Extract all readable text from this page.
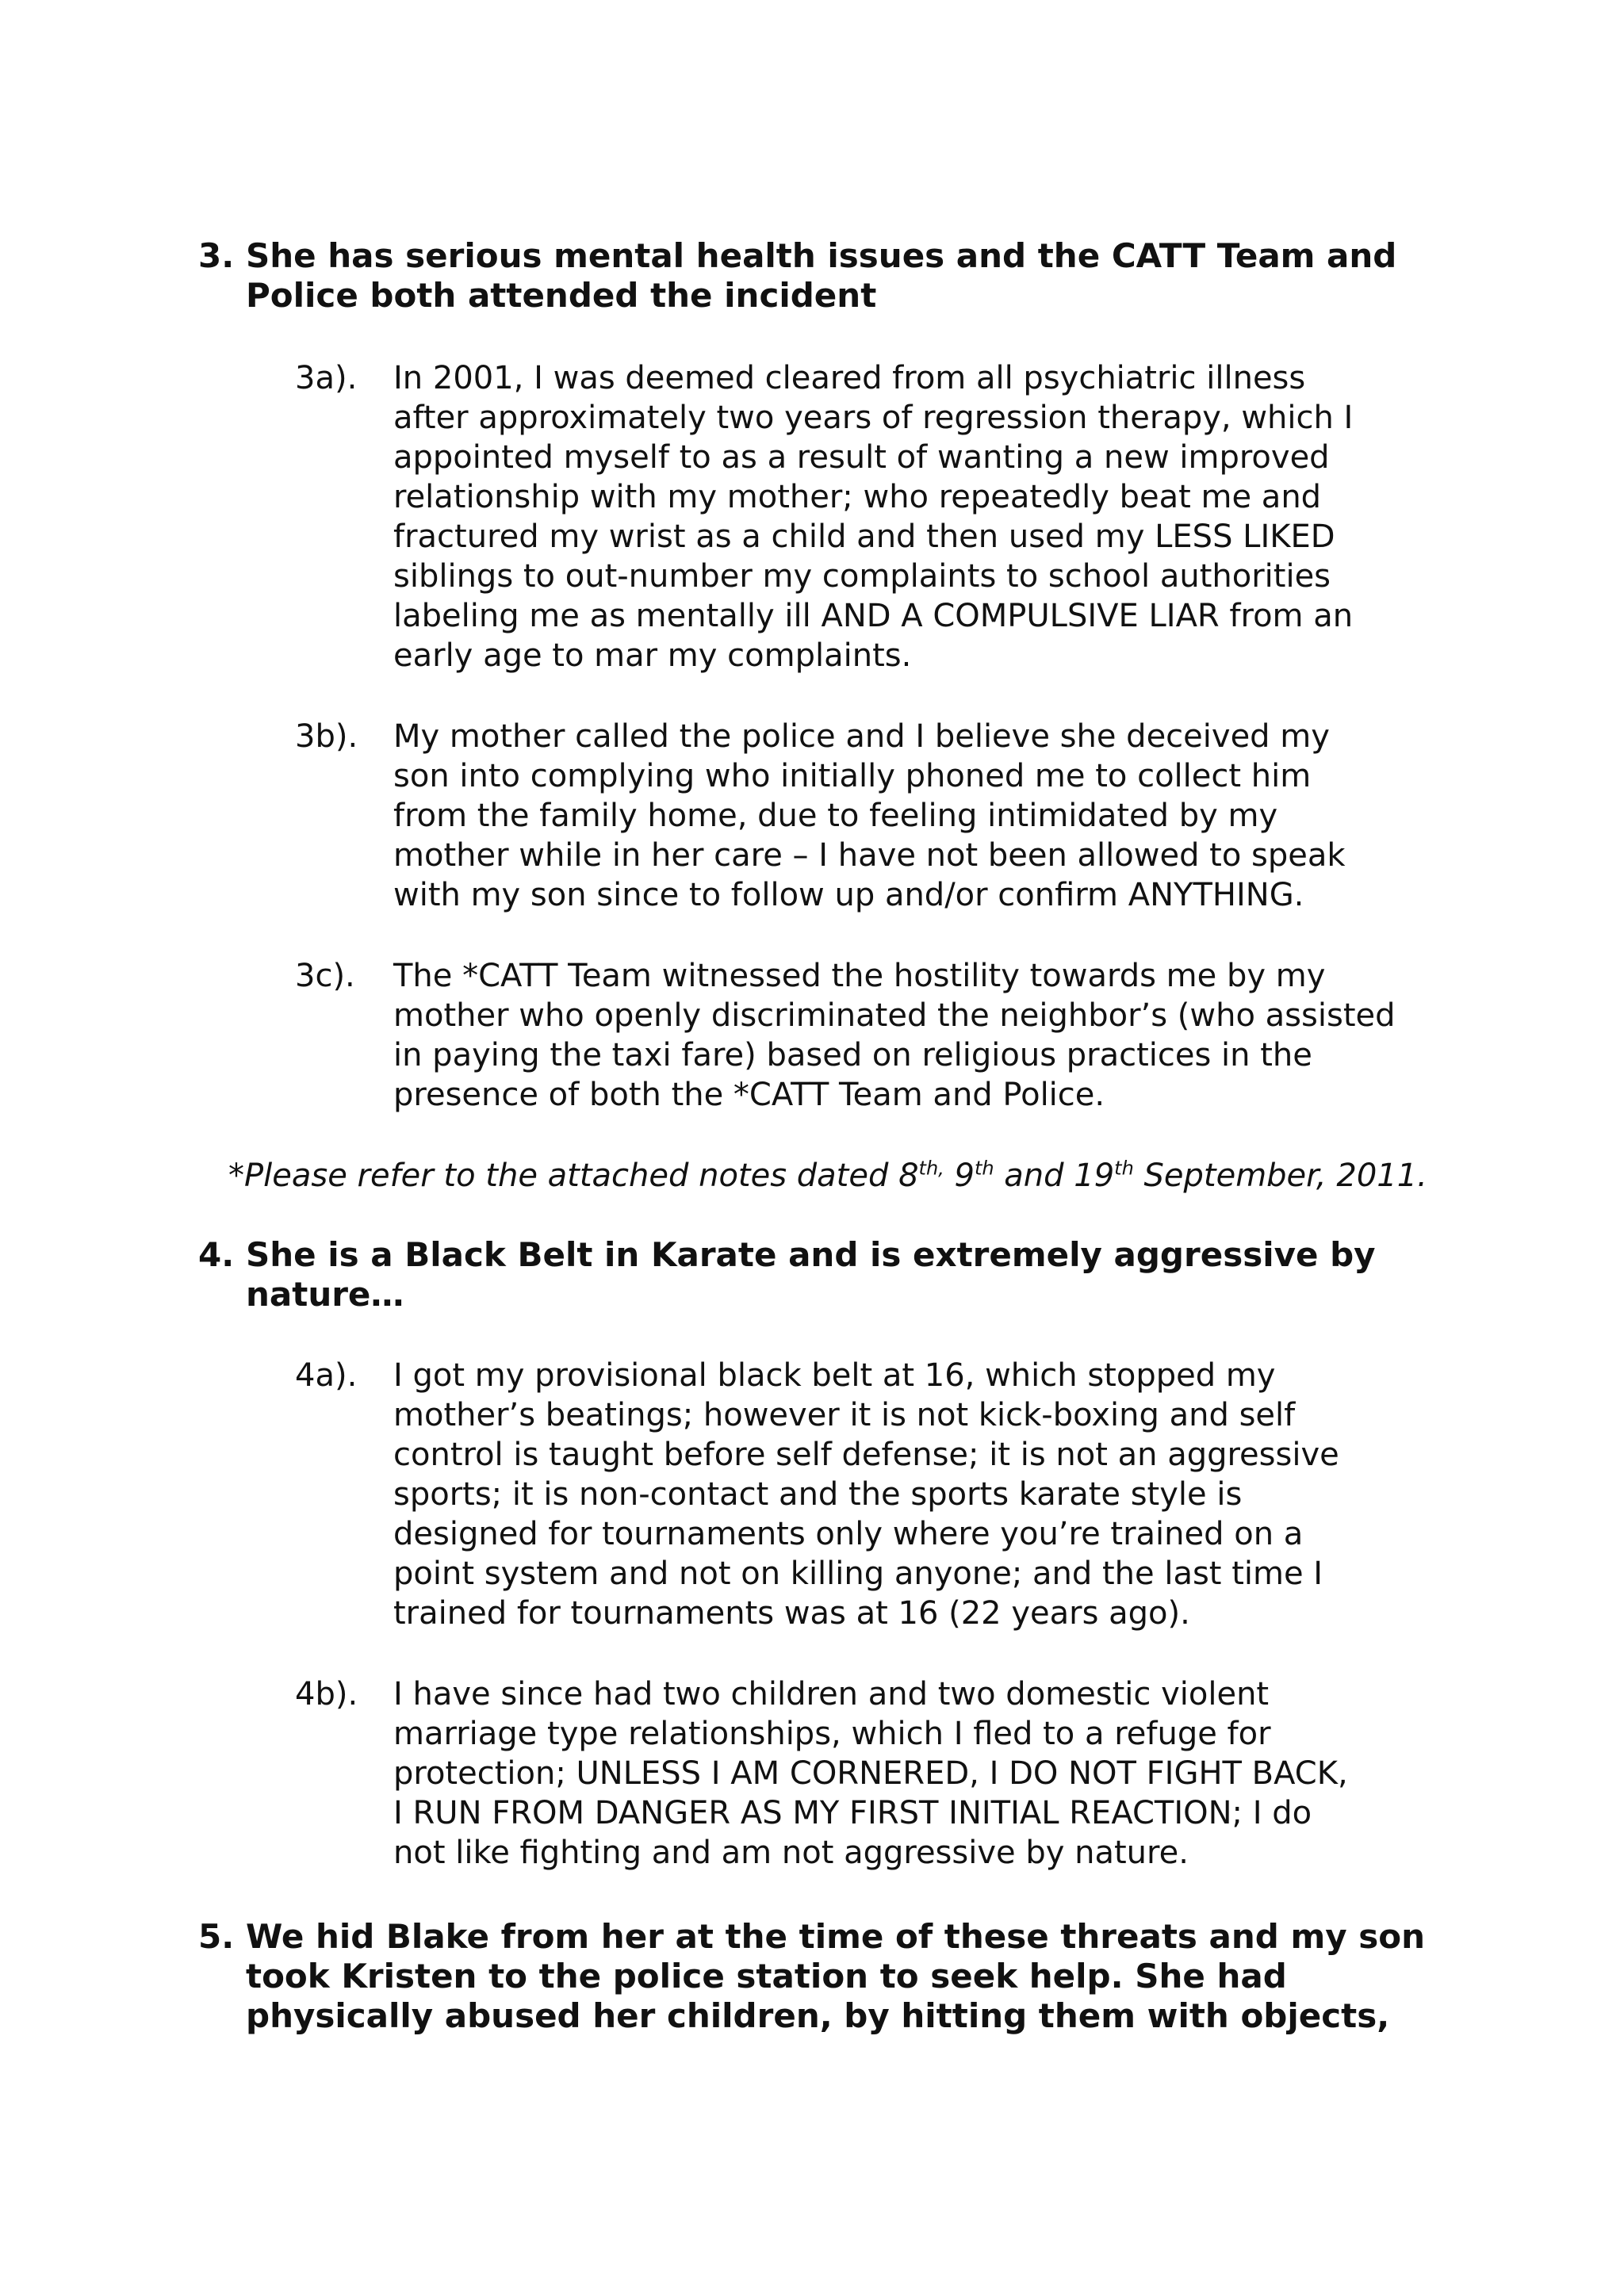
3. She has serious mental health issues and the CATT Team and Police both attended the incident
3a). In 2001, I was deemed cleared from all psychiatric illness
after approximately two years of regression therapy, which I
appointed myself to as a result of wanting a new improved
relationship with my mother; who repeatedly beat me and
fractured my wrist as a child and then used my LESS LIKED
siblings to out-number my complaints to school authorities
labeling me as mentally ill AND A COMPULSIVE LIAR from an
early age to mar my complaints.
3b). My mother called the police and I believe she deceived my
son into complying who initially phoned me to collect him
from the family home, due to feeling intimidated by my
mother while in her care – I have not been allowed to speak
with my son since to follow up and/or confirm ANYTHING.
3c). The *CATT Team witnessed the hostility towards me by my
mother who openly discriminated the neighbor’s (who assisted
in paying the taxi fare) based on religious practices in the
presence of both the *CATT Team and Police.
*Please refer to the attached notes dated $8^{th,}$ 9th and 19th September, 2011.
4. She is a Black Belt in Karate and is extremely aggressive by nature…
4a). I got my provisional black belt at 16, which stopped my
mother’s beatings; however it is not kick-boxing and self
control is taught before self defense; it is not an aggressive
sports; it is non-contact and the sports karate style is
designed for tournaments only where you’re trained on a
point system and not on killing anyone; and the last time I
trained for tournaments was at 16 (22 years ago).
4b). I have since had two children and two domestic violent
marriage type relationships, which I fled to a refuge for
protection; UNLESS I AM CORNERED, I DO NOT FIGHT BACK,
I RUN FROM DANGER AS MY FIRST INITIAL REACTION; I do
not like fighting and am not aggressive by nature.
5. We hid Blake from her at the time of these threats and my son took Kristen to the police station to seek help. She had physically abused her children, by hitting them with objects,
